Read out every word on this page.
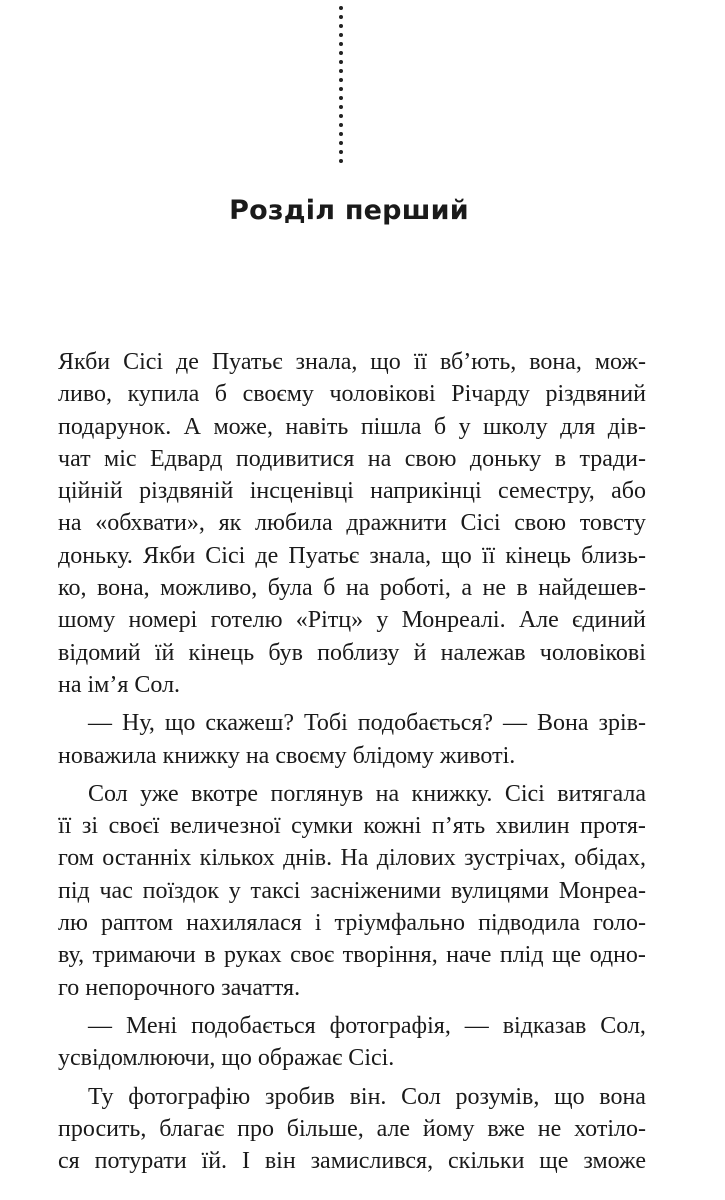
Розділ перший
Якби Сісі де Пуатьє знала, що її вб’ють, вона, мож-
ливо, купила б своєму чоловікові Річарду різдвяний
подарунок. А може, навіть пішла б у школу для дів-
чат міс Едвард подивитися на свою доньку в тради-
ційній різдвяній інсценівці наприкінці семестру, або
на «обхвати», як любила дражнити Сісі свою товсту
доньку. Якби Сісі де Пуатьє знала, що її кінець близь-
ко, вона, можливо, була б на роботі, а не в найдешев-
шому номері готелю «Рітц» у Монреалі. Але єдиний
відомий їй кінець був поблизу й належав чоловікові
на ім’я Сол.
— Ну, що скажеш? Тобі подобається? — Вона зрів-
новажила книжку на своєму блідому животі.
Сол уже вкотре поглянув на книжку. Сісі витягала
її зі своєї величезної сумки кожні п’ять хвилин протя-
гом останніх кількох днів. На ділових зустрічах, обідах,
під час поїздок у таксі засніженими вулицями Монреа-
лю раптом нахилялася і тріумфально підводила голо-
ву, тримаючи в руках своє творіння, наче плід ще одно-
го непорочного зачаття.
— Мені подобається фотографія, — відказав Сол,
усвідомлюючи, що ображає Сісі.
Ту фотографію зробив він. Сол розумів, що вона
просить, благає про більше, але йому вже не хотіло-
ся потурати їй. І він замислився, скільки ще зможе
